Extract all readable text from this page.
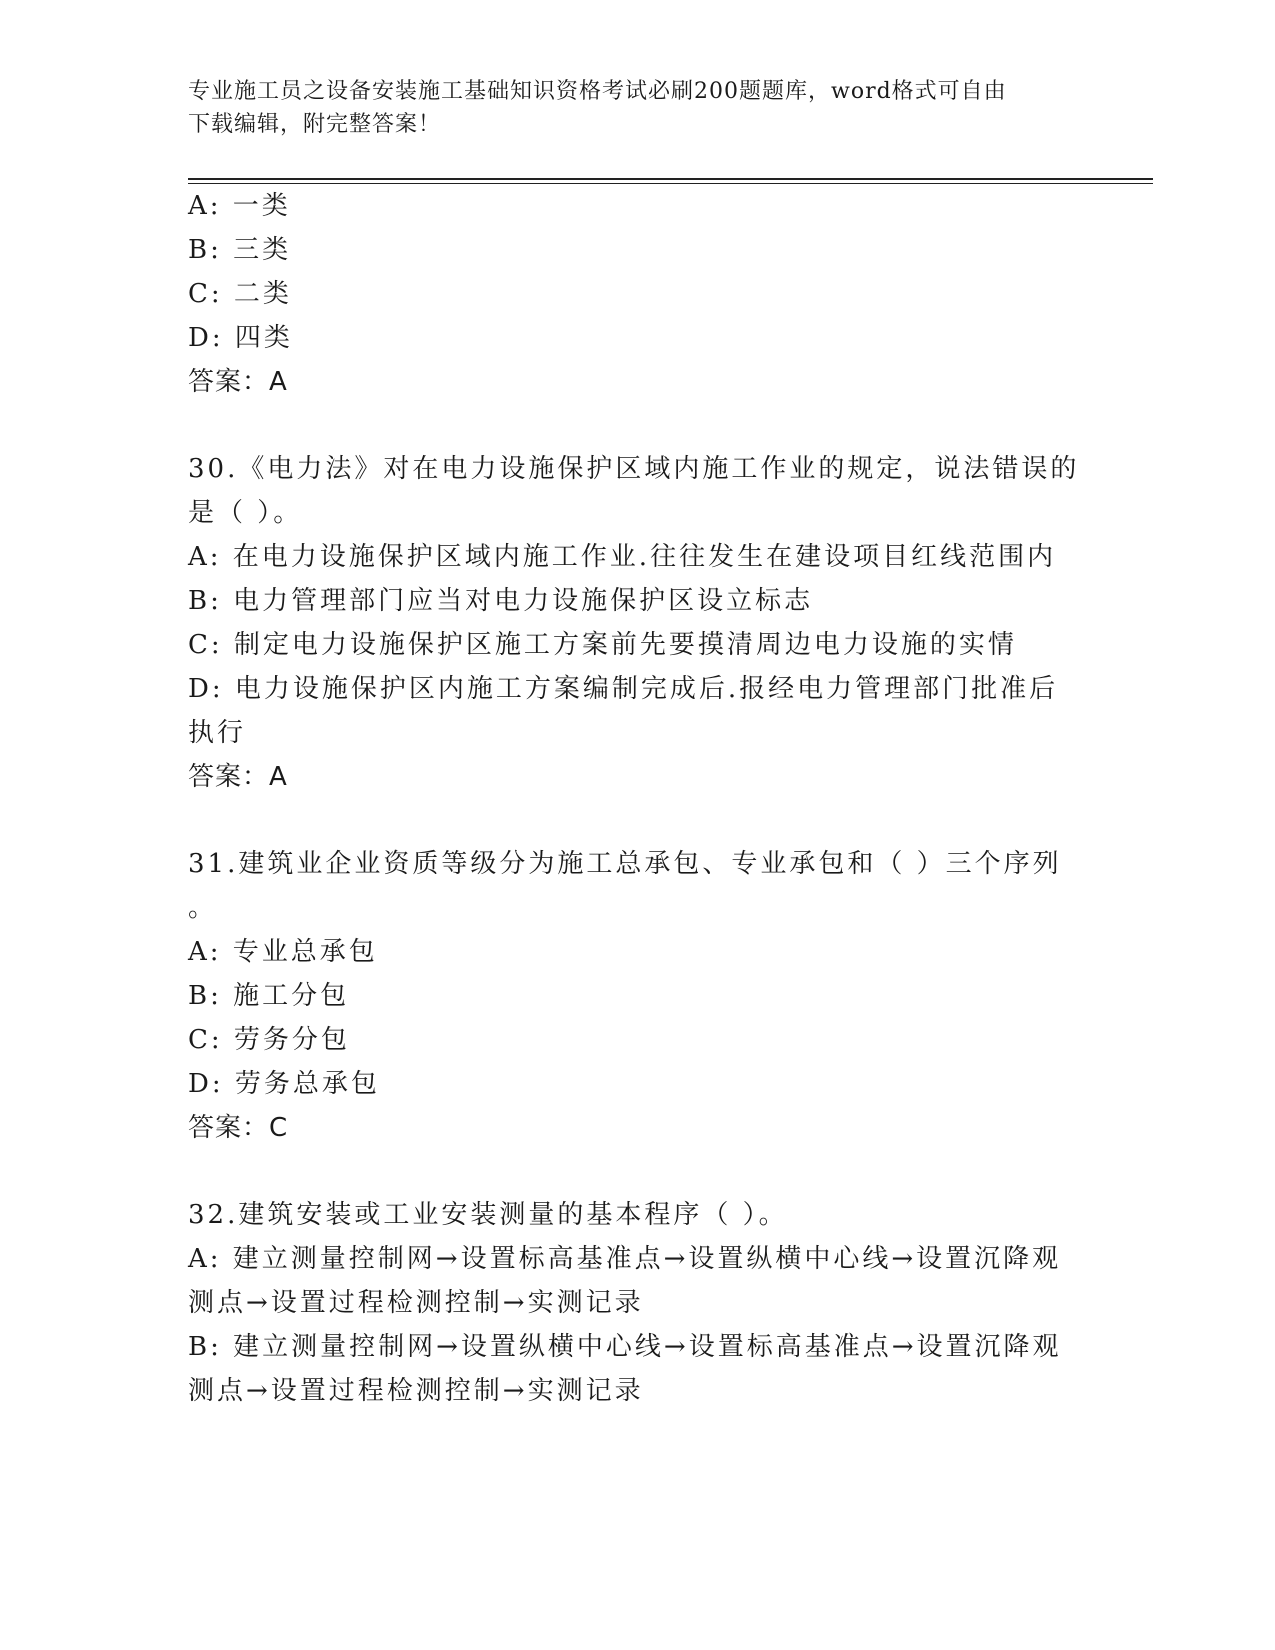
专业施工员之设备安装施工基础知识资格考试必刷200题题库，word格式可自由
下载编辑，附完整答案！
A: 一类
B: 三类
C: 二类
D: 四类
答案：A
30.《电力法》对在电力设施保护区域内施工作业的规定，说法错误的
是（ ）。
A: 在电力设施保护区域内施工作业.往往发生在建设项目红线范围内
B: 电力管理部门应当对电力设施保护区设立标志
C: 制定电力设施保护区施工方案前先要摸清周边电力设施的实情
D: 电力设施保护区内施工方案编制完成后.报经电力管理部门批准后
执行
答案：A
31.建筑业企业资质等级分为施工总承包、专业承包和（ ）三个序列
。
A: 专业总承包
B: 施工分包
C: 劳务分包
D: 劳务总承包
答案：C
32.建筑安装或工业安装测量的基本程序（ ）。
A: 建立测量控制网→设置标高基准点→设置纵横中心线→设置沉降观
测点→设置过程检测控制→实测记录
B: 建立测量控制网→设置纵横中心线→设置标高基准点→设置沉降观
测点→设置过程检测控制→实测记录
